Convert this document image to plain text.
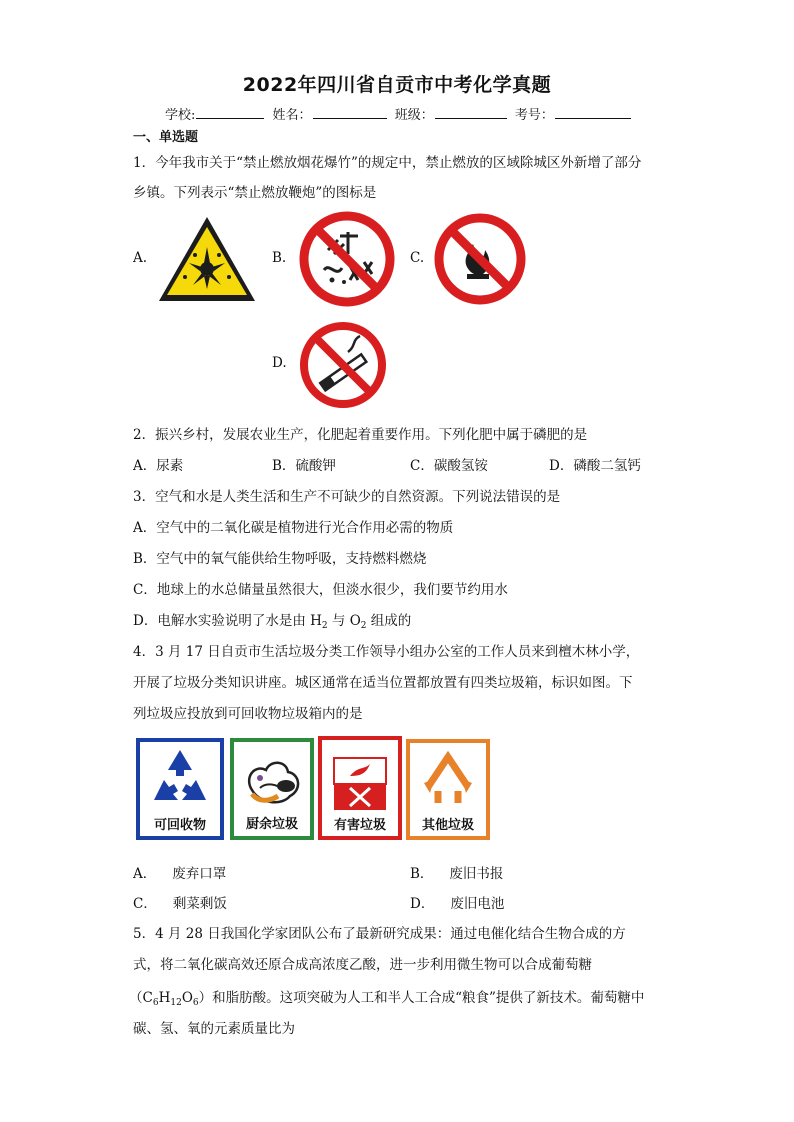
2022年四川省自贡市中考化学真题
学校:	姓名：	班级：	考号：
一、单选题
1．今年我市关于“禁止燃放烟花爆竹”的规定中，禁止燃放的区域除城区外新增了部分
乡镇。下列表示“禁止燃放鞭炮”的图标是
A.	B.	C.
D.
2．振兴乡村，发展农业生产，化肥起着重要作用。下列化肥中属于磷肥的是
A．尿素	B．硫酸钾	C．碳酸氢铵	D．磷酸二氢钙
3．空气和水是人类生活和生产不可缺少的自然资源。下列说法错误的是
A．空气中的二氧化碳是植物进行光合作用必需的物质
B．空气中的氧气能供给生物呼吸，支持燃料燃烧
C．地球上的水总储量虽然很大，但淡水很少，我们要节约用水
D．电解水实验说明了水是由 $H_2$ 与 $O_2$ 组成的
4．3 月 17 日自贡市生活垃圾分类工作领导小组办公室的工作人员来到檀木林小学，
开展了垃圾分类知识讲座。城区通常在适当位置都放置有四类垃圾箱，标识如图。下
列垃圾应投放到可回收物垃圾箱内的是
可回收物	厨余垃圾	有害垃圾	其他垃圾
A． 废弃口罩	B． 废旧书报
C． 剩菜剩饭	D． 废旧电池
5．4 月 28 日我国化学家团队公布了最新研究成果：通过电催化结合生物合成的方
式，将二氧化碳高效还原合成高浓度乙酸，进一步利用微生物可以合成葡萄糖
$(C_6H_{12}O_6)$和脂肪酸。这项突破为人工和半人工合成“粮食”提供了新技术。葡萄糖中
碳、氢、氧的元素质量比为
